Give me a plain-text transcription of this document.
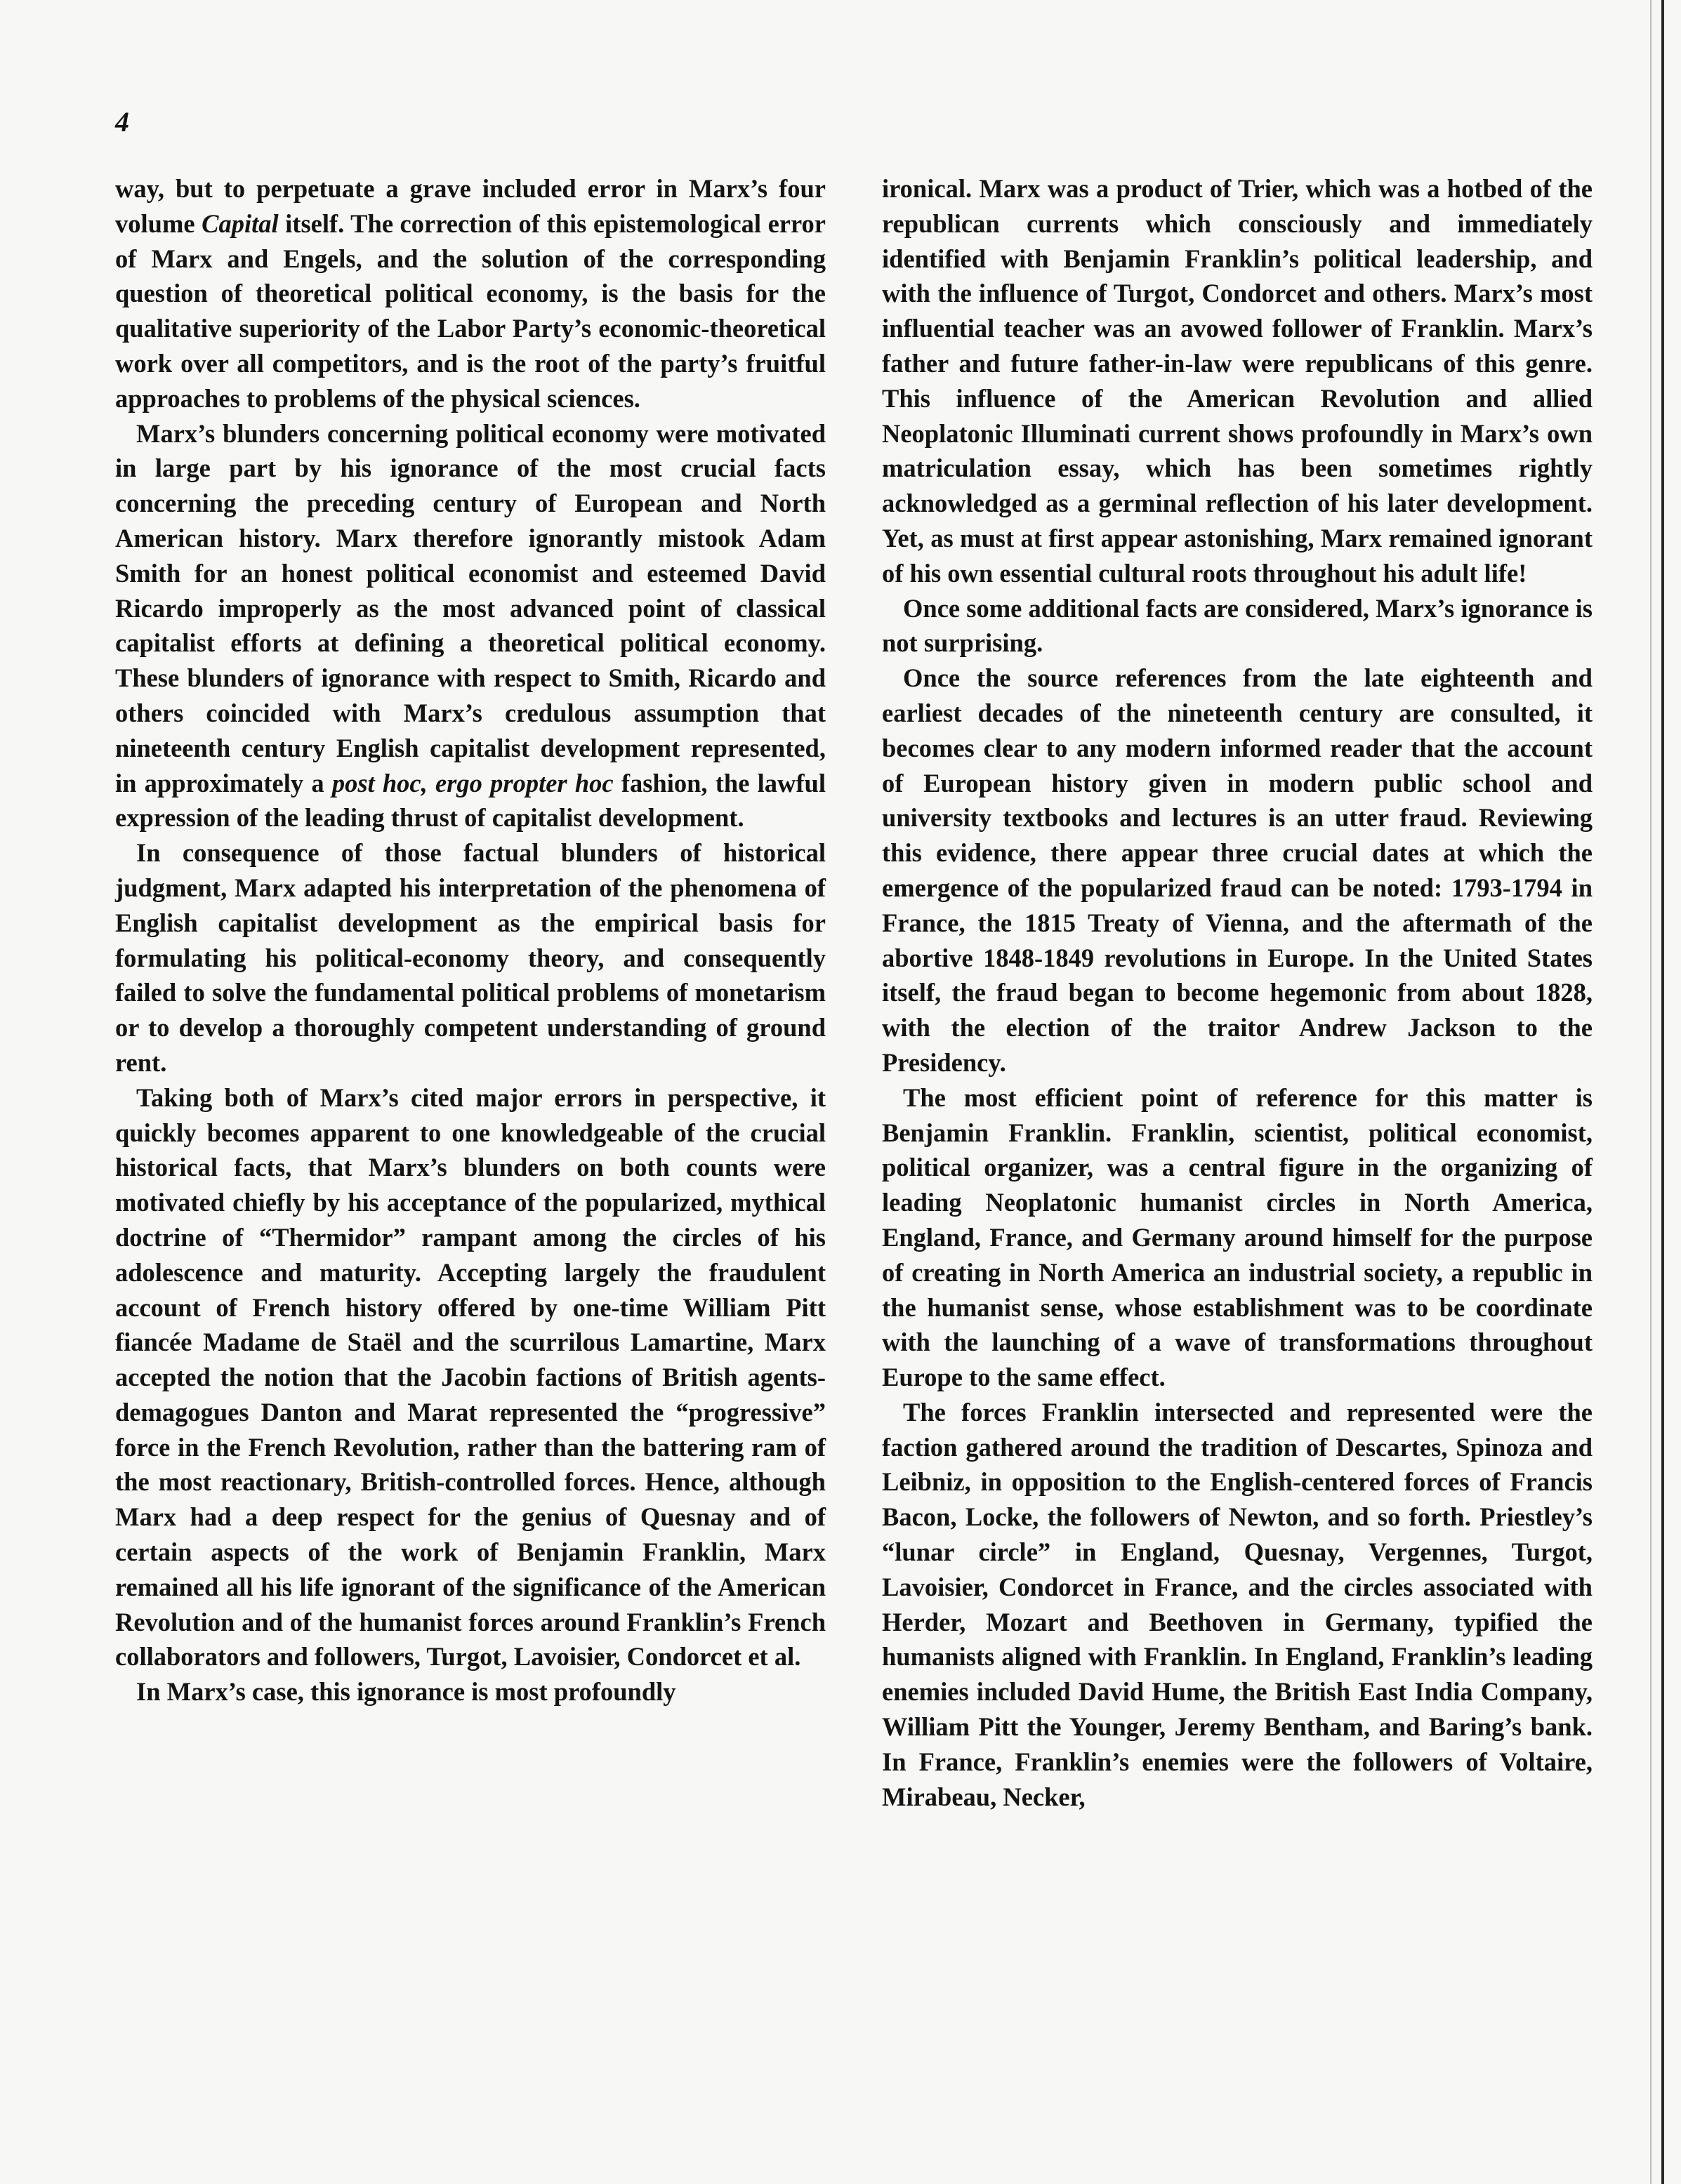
4

way, but to perpetuate a grave included error in Marx’s four volume Capital itself. The correction of this epistemological error of Marx and Engels, and the solution of the corresponding question of theoretical political economy, is the basis for the qualitative superiority of the Labor Party’s economic-theoretical work over all competitors, and is the root of the party’s fruitful approaches to problems of the physical sciences.

Marx’s blunders concerning political economy were motivated in large part by his ignorance of the most crucial facts concerning the preceding century of European and North American history. Marx therefore ignorantly mistook Adam Smith for an honest political economist and esteemed David Ricardo improperly as the most advanced point of classical capitalist efforts at defining a theoretical political economy. These blunders of ignorance with respect to Smith, Ricardo and others coincided with Marx’s credulous assumption that nineteenth century English capitalist development represented, in approximately a post hoc, ergo propter hoc fashion, the lawful expression of the leading thrust of capitalist development.

In consequence of those factual blunders of historical judgment, Marx adapted his interpretation of the phenomena of English capitalist development as the empirical basis for formulating his political-economy theory, and consequently failed to solve the fundamental political problems of monetarism or to develop a thoroughly competent understanding of ground rent.

Taking both of Marx’s cited major errors in perspective, it quickly becomes apparent to one knowledgeable of the crucial historical facts, that Marx’s blunders on both counts were motivated chiefly by his acceptance of the popularized, mythical doctrine of “Thermidor” rampant among the circles of his adolescence and maturity. Accepting largely the fraudulent account of French history offered by one-time William Pitt fiancée Madame de Staël and the scurrilous Lamartine, Marx accepted the notion that the Jacobin factions of British agents-demagogues Danton and Marat represented the “progressive” force in the French Revolution, rather than the battering ram of the most reactionary, British-controlled forces. Hence, although Marx had a deep respect for the genius of Quesnay and of certain aspects of the work of Benjamin Franklin, Marx remained all his life ignorant of the significance of the American Revolution and of the humanist forces around Franklin’s French collaborators and followers, Turgot, Lavoisier, Condorcet et al.

In Marx’s case, this ignorance is most profoundly

ironical. Marx was a product of Trier, which was a hotbed of the republican currents which consciously and immediately identified with Benjamin Franklin’s political leadership, and with the influence of Turgot, Condorcet and others. Marx’s most influential teacher was an avowed follower of Franklin. Marx’s father and future father-in-law were republicans of this genre. This influence of the American Revolution and allied Neoplatonic Illuminati current shows profoundly in Marx’s own matriculation essay, which has been sometimes rightly acknowledged as a germinal reflection of his later development. Yet, as must at first appear astonishing, Marx remained ignorant of his own essential cultural roots throughout his adult life!

Once some additional facts are considered, Marx’s ignorance is not surprising.

Once the source references from the late eighteenth and earliest decades of the nineteenth century are consulted, it becomes clear to any modern informed reader that the account of European history given in modern public school and university textbooks and lectures is an utter fraud. Reviewing this evidence, there appear three crucial dates at which the emergence of the popularized fraud can be noted: 1793-1794 in France, the 1815 Treaty of Vienna, and the aftermath of the abortive 1848-1849 revolutions in Europe. In the United States itself, the fraud began to become hegemonic from about 1828, with the election of the traitor Andrew Jackson to the Presidency.

The most efficient point of reference for this matter is Benjamin Franklin. Franklin, scientist, political economist, political organizer, was a central figure in the organizing of leading Neoplatonic humanist circles in North America, England, France, and Germany around himself for the purpose of creating in North America an industrial society, a republic in the humanist sense, whose establishment was to be coordinate with the launching of a wave of transformations throughout Europe to the same effect.

The forces Franklin intersected and represented were the faction gathered around the tradition of Descartes, Spinoza and Leibniz, in opposition to the English-centered forces of Francis Bacon, Locke, the followers of Newton, and so forth. Priestley’s “lunar circle” in England, Quesnay, Vergennes, Turgot, Lavoisier, Condorcet in France, and the circles associated with Herder, Mozart and Beethoven in Germany, typified the humanists aligned with Franklin. In England, Franklin’s leading enemies included David Hume, the British East India Company, William Pitt the Younger, Jeremy Bentham, and Baring’s bank. In France, Franklin’s enemies were the followers of Voltaire, Mirabeau, Necker,
